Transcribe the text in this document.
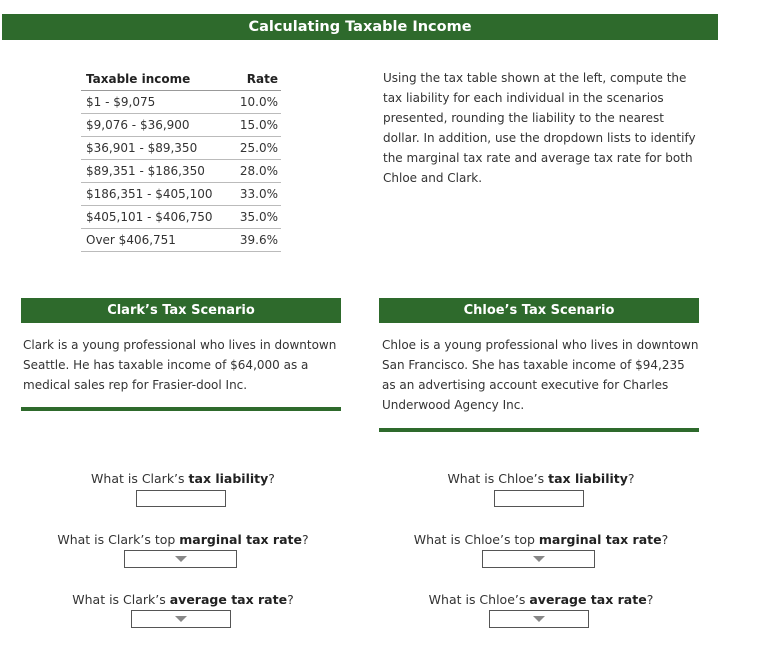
Calculating Taxable Income
Taxable income	Rate
$1 - $9,075	10.0%
$9,076 - $36,900	15.0%
$36,901 - $89,350	25.0%
$89,351 - $186,350	28.0%
$186,351 - $405,100	33.0%
$405,101 - $406,750	35.0%
Over $406,751	39.6%
Using the tax table shown at the left, compute the tax liability for each individual in the scenarios presented, rounding the liability to the nearest dollar. In addition, use the dropdown lists to identify the marginal tax rate and average tax rate for both Chloe and Clark.
Clark’s Tax Scenario
Clark is a young professional who lives in downtown Seattle. He has taxable income of $64,000 as a medical sales rep for Frasier-dool Inc.
What is Clark’s tax liability?
What is Clark’s top marginal tax rate?
What is Clark’s average tax rate?
Chloe’s Tax Scenario
Chloe is a young professional who lives in downtown San Francisco. She has taxable income of $94,235 as an advertising account executive for Charles Underwood Agency Inc.
What is Chloe’s tax liability?
What is Chloe’s top marginal tax rate?
What is Chloe’s average tax rate?
